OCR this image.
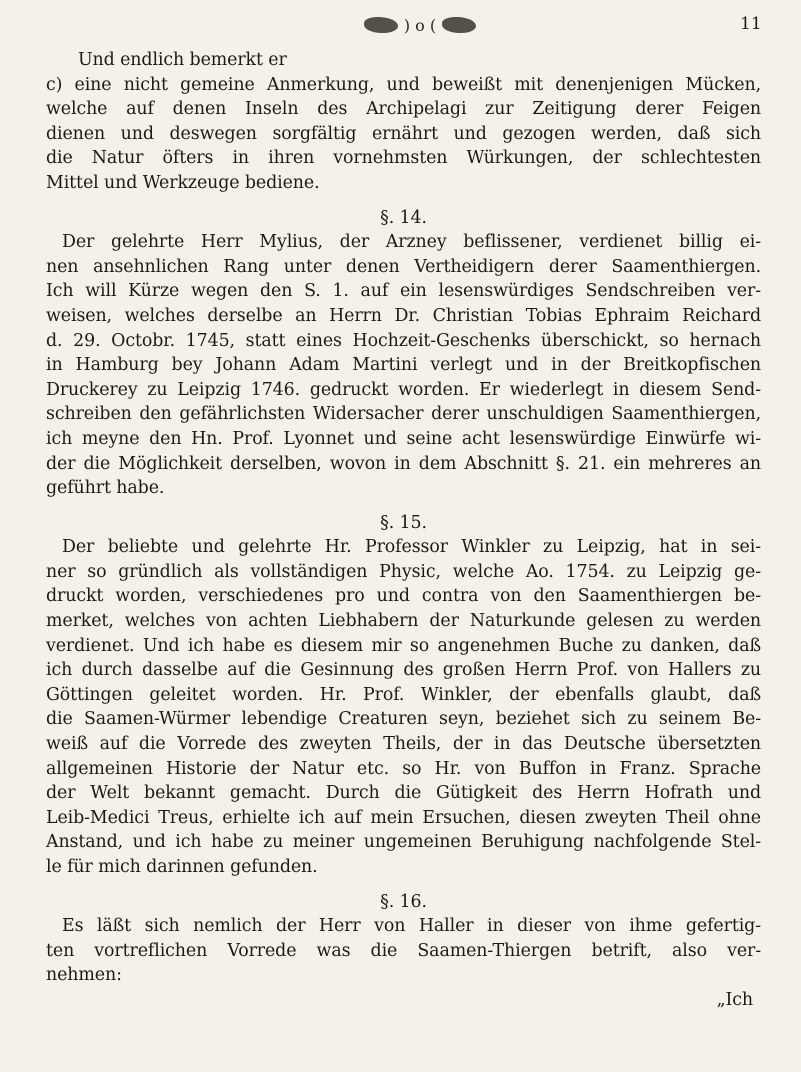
) o (	11

Und endlich bemerkt er

c) eine nicht gemeine Anmerkung, und beweißt mit denenjenigen Mücken,

welche auf denen Inseln des Archipelagi zur Zeitigung derer Feigen

dienen und deswegen sorgfältig ernährt und gezogen werden, daß sich

die Natur öfters in ihren vornehmsten Würkungen, der schlechtesten

Mittel und Werkzeuge bediene.

§. 14.

Der gelehrte Herr Mylius, der Arzney beflissener, verdienet billig ei-

nen ansehnlichen Rang unter denen Vertheidigern derer Saamenthiergen.

Ich will Kürze wegen den S. 1. auf ein lesenswürdiges Sendschreiben ver-

weisen, welches derselbe an Herrn Dr. Christian Tobias Ephraim Reichard

d. 29. Octobr. 1745, statt eines Hochzeit-Geschenks überschickt, so hernach

in Hamburg bey Johann Adam Martini verlegt und in der Breitkopfischen

Druckerey zu Leipzig 1746. gedruckt worden. Er wiederlegt in diesem Send-

schreiben den gefährlichsten Widersacher derer unschuldigen Saamenthiergen,

ich meyne den Hn. Prof. Lyonnet und seine acht lesenswürdige Einwürfe wi-

der die Möglichkeit derselben, wovon in dem Abschnitt §. 21. ein mehreres an

geführt habe.

§. 15.

Der beliebte und gelehrte Hr. Professor Winkler zu Leipzig, hat in sei-

ner so gründlich als vollständigen Physic, welche Ao. 1754. zu Leipzig ge-

druckt worden, verschiedenes pro und contra von den Saamenthiergen be-

merket, welches von achten Liebhabern der Naturkunde gelesen zu werden

verdienet. Und ich habe es diesem mir so angenehmen Buche zu danken, daß

ich durch dasselbe auf die Gesinnung des großen Herrn Prof. von Hallers zu

Göttingen geleitet worden. Hr. Prof. Winkler, der ebenfalls glaubt, daß

die Saamen-Würmer lebendige Creaturen seyn, beziehet sich zu seinem Be-

weiß auf die Vorrede des zweyten Theils, der in das Deutsche übersetzten

allgemeinen Historie der Natur etc. so Hr. von Buffon in Franz. Sprache

der Welt bekannt gemacht. Durch die Gütigkeit des Herrn Hofrath und

Leib-Medici Treus, erhielte ich auf mein Ersuchen, diesen zweyten Theil ohne

Anstand, und ich habe zu meiner ungemeinen Beruhigung nachfolgende Stel-

le für mich darinnen gefunden.

§. 16.

Es läßt sich nemlich der Herr von Haller in dieser von ihme gefertig-

ten vortreflichen Vorrede was die Saamen-Thiergen betrift, also ver-

nehmen:

„Ich
